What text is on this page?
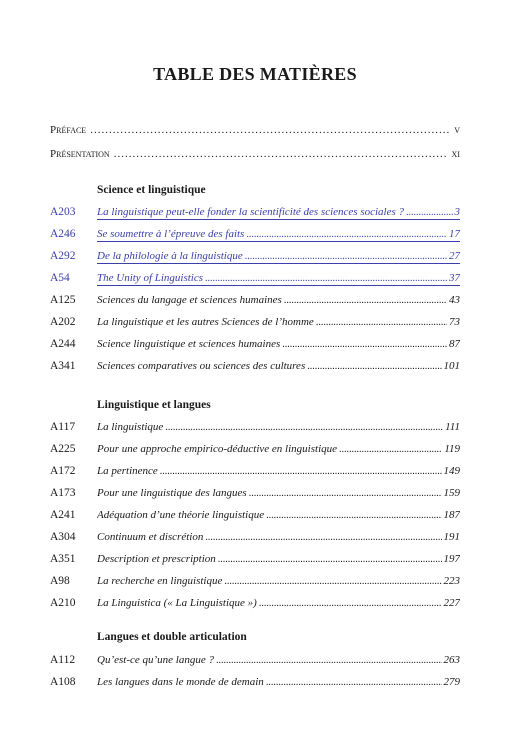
TABLE DES MATIÈRES
Préface .....	v
Présentation .....	xi
Science et linguistique
A203	La linguistique peut-elle fonder la scientificité des sciences sociales ? .....	3
A246	Se soumettre à l’épreuve des faits .....	17
A292	De la philologie à la linguistique .....	27
A54	The Unity of Linguistics .....	37
A125	Sciences du langage et sciences humaines .....	43
A202	La linguistique et les autres Sciences de l’homme .....	73
A244	Science linguistique et sciences humaines .....	87
A341	Sciences comparatives ou sciences des cultures .....	101
Linguistique et langues
A117	La linguistique .....	111
A225	Pour une approche empirico-déductive en linguistique .....	119
A172	La pertinence .....	149
A173	Pour une linguistique des langues .....	159
A241	Adéquation d’une théorie linguistique .....	187
A304	Continuum et discrétion .....	191
A351	Description et prescription .....	197
A98	La recherche en linguistique .....	223
A210	La Linguistica (« La Linguistique ») .....	227
Langues et double articulation
A112	Qu’est-ce qu’une langue ? .....	263
A108	Les langues dans le monde de demain .....	279
